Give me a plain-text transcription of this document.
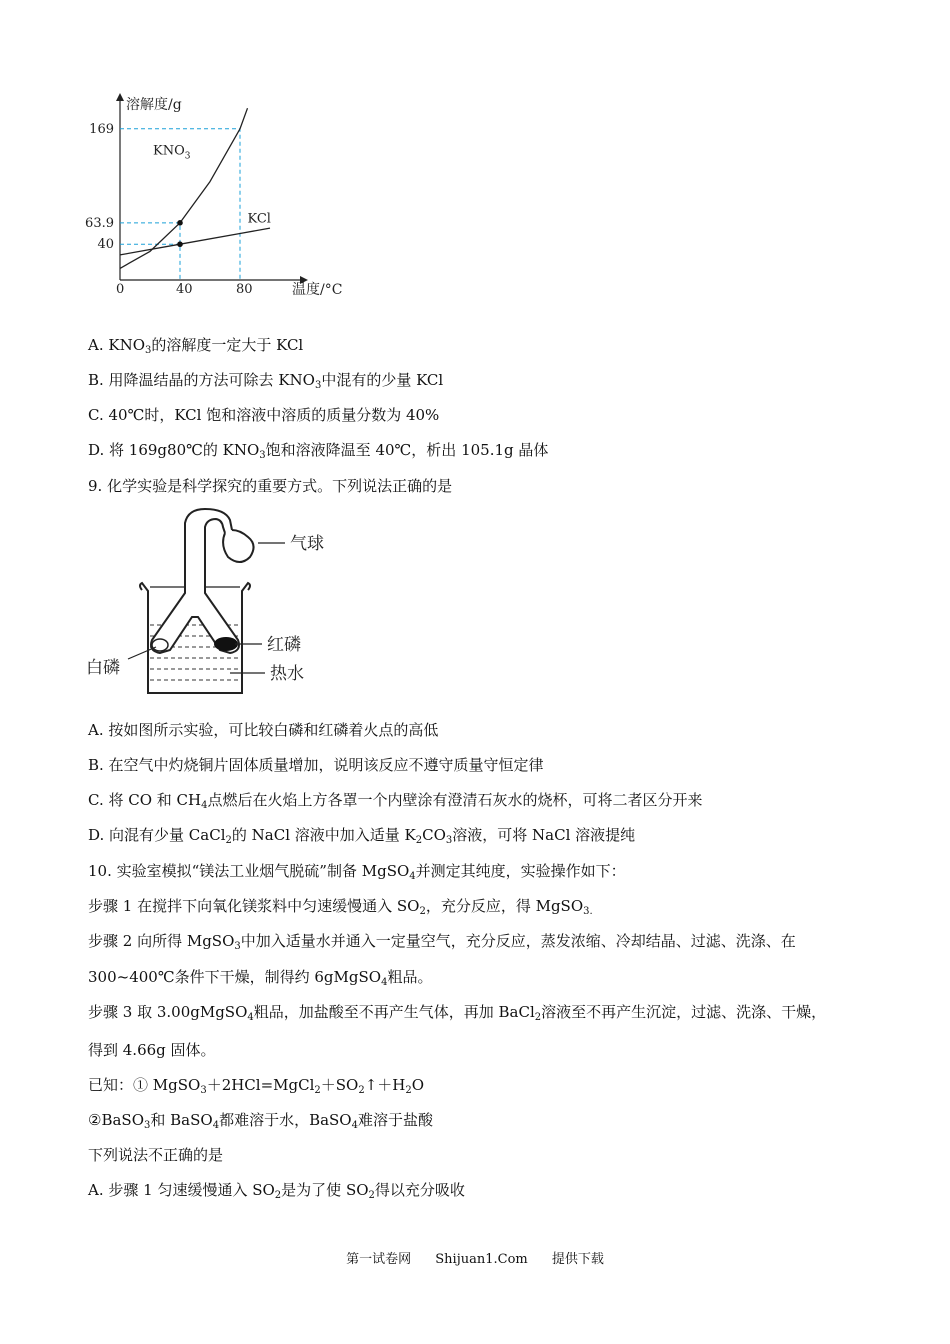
溶解度/g
温度/°C
0	40	80
40
63.9
169
$KNO_3$
KCl
A. $KNO_3$的溶解度一定大于 KCl
B. 用降温结晶的方法可除去 $KNO_3$中混有的少量 KCl
C. 40℃时，KCl 饱和溶液中溶质的质量分数为 40%
D. 将 169g80℃的 $KNO_3$饱和溶液降温至 40℃，析出 105.1g 晶体
9. 化学实验是科学探究的重要方式。下列说法正确的是
气球
红磷
热水
白磷
A. 按如图所示实验，可比较白磷和红磷着火点的高低
B. 在空气中灼烧铜片固体质量增加，说明该反应不遵守质量守恒定律
C. 将 CO 和 $CH_4$点燃后在火焰上方各罩一个内壁涂有澄清石灰水的烧杯，可将二者区分开来
D. 向混有少量 CaCl$_2$的 NaCl 溶液中加入适量 $K_2CO_3$溶液，可将 NaCl 溶液提纯
10. 实验室模拟“镁法工业烟气脱硫”制备 MgSO$_4$并测定其纯度，实验操作如下：
步骤 1 在搅拌下向氧化镁浆料中匀速缓慢通入 $SO_2$，充分反应，得 MgSO$_{3.}$
步骤 2 向所得 MgSO$_3$中加入适量水并通入一定量空气，充分反应，蒸发浓缩、冷却结晶、过滤、洗涤、在
300~400℃条件下干燥，制得约 6gMgSO$_4$粗品。
步骤 3 取 3.00gMgSO$_4$粗品，加盐酸至不再产生气体，再加 BaCl$_2$溶液至不再产生沉淀，过滤、洗涤、干燥，
得到 4.66g 固体。
已知：① $MgSO_3+2HCl=MgCl_2+SO_2↑+H_2O$
②BaSO$_3$和 BaSO$_4$都难溶于水，BaSO$_4$难溶于盐酸
下列说法不正确的是
A. 步骤 1 匀速缓慢通入 $SO_2$是为了使 $SO_2$得以充分吸收
第一试卷网 Shijuan1.Com 提供下载
